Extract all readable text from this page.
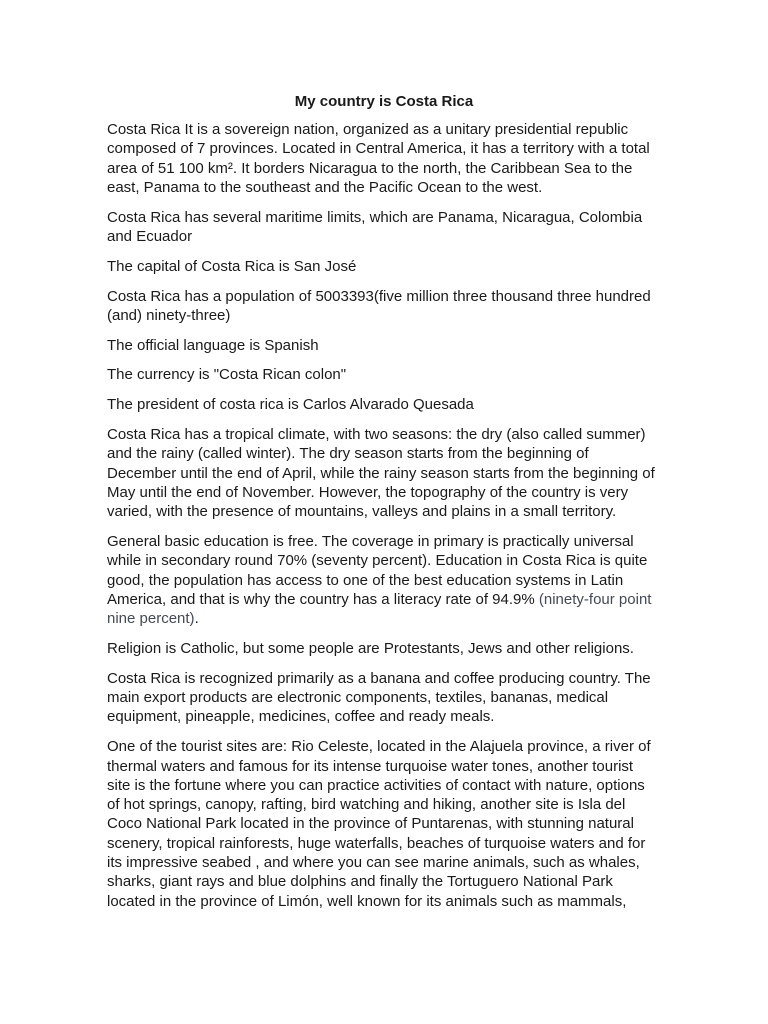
My country is Costa Rica

Costa Rica It is a sovereign nation, organized as a unitary presidential republic
composed of 7 provinces. Located in Central America, it has a territory with a total
area of 51 100 km². It borders Nicaragua to the north, the Caribbean Sea to the
east, Panama to the southeast and the Pacific Ocean to the west.

Costa Rica has several maritime limits, which are Panama, Nicaragua, Colombia
and Ecuador

The capital of Costa Rica is San José

Costa Rica has a population of 5003393(five million three thousand three hundred
(and) ninety-three)

The official language is Spanish

The currency is "Costa Rican colon"

The president of costa rica is Carlos Alvarado Quesada

Costa Rica has a tropical climate, with two seasons: the dry (also called summer)
and the rainy (called winter). The dry season starts from the beginning of
December until the end of April, while the rainy season starts from the beginning of
May until the end of November. However, the topography of the country is very
varied, with the presence of mountains, valleys and plains in a small territory.

General basic education is free. The coverage in primary is practically universal
while in secondary round 70% (seventy percent). Education in Costa Rica is quite
good, the population has access to one of the best education systems in Latin
America, and that is why the country has a literacy rate of 94.9% (ninety-four point
nine percent).

Religion is Catholic, but some people are Protestants, Jews and other religions.

Costa Rica is recognized primarily as a banana and coffee producing country. The
main export products are electronic components, textiles, bananas, medical
equipment, pineapple, medicines, coffee and ready meals.

One of the tourist sites are: Rio Celeste, located in the Alajuela province, a river of
thermal waters and famous for its intense turquoise water tones, another tourist
site is the fortune where you can practice activities of contact with nature, options
of hot springs, canopy, rafting, bird watching and hiking, another site is Isla del
Coco National Park located in the province of Puntarenas, with stunning natural
scenery, tropical rainforests, huge waterfalls, beaches of turquoise waters and for
its impressive seabed , and where you can see marine animals, such as whales,
sharks, giant rays and blue dolphins and finally the Tortuguero National Park
located in the province of Limón, well known for its animals such as mammals,
